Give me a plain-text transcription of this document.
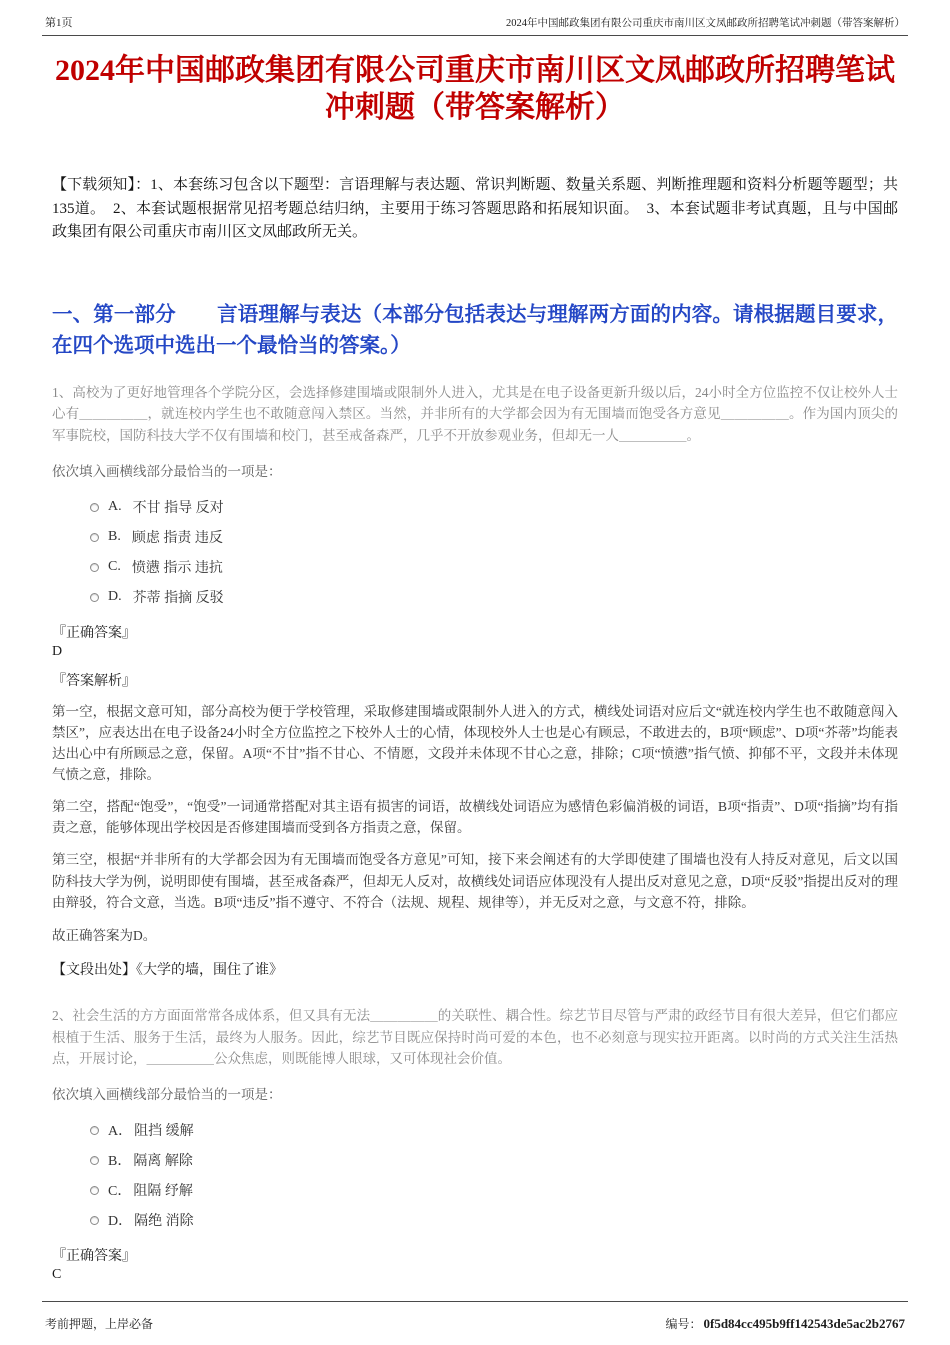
第1页	2024年中国邮政集团有限公司重庆市南川区文凤邮政所招聘笔试冲刺题（带答案解析）
2024年中国邮政集团有限公司重庆市南川区文凤邮政所招聘笔试冲刺题（带答案解析）

【下载须知】：1、本套练习包含以下题型：言语理解与表达题、常识判断题、数量关系题、判断推理题和资料分析题等题型；共135道。　2、本套试题根据常见招考题总结归纳，主要用于练习答题思路和拓展知识面。　3、本套试题非考试真题，且与中国邮政集团有限公司重庆市南川区文凤邮政所无关。

一、第一部分　　言语理解与表达（本部分包括表达与理解两方面的内容。请根据题目要求，在四个选项中选出一个最恰当的答案。）

1、高校为了更好地管理各个学院分区，会选择修建围墙或限制外人进入，尤其是在电子设备更新升级以后，24小时全方位监控不仅让校外人士心有＿＿＿＿＿，就连校内学生也不敢随意闯入禁区。当然，并非所有的大学都会因为有无围墙而饱受各方意见＿＿＿＿＿。作为国内顶尖的军事院校，国防科技大学不仅有围墙和校门，甚至戒备森严，几乎不开放参观业务，但却无一人＿＿＿＿＿。

依次填入画横线部分最恰当的一项是：

A. 不甘 指导 反对
B. 顾虑 指责 违反
C. 愤懑 指示 违抗
D. 芥蒂 指摘 反驳

『正确答案』

D

『答案解析』

第一空，根据文意可知，部分高校为便于学校管理，采取修建围墙或限制外人进入的方式，横线处词语对应后文“就连校内学生也不敢随意闯入禁区”，应表达出在电子设备24小时全方位监控之下校外人士的心情，体现校外人士也是心有顾忌，不敢进去的，B项“顾虑”、D项“芥蒂”均能表达出心中有所顾忌之意，保留。A项“不甘”指不甘心、不情愿，文段并未体现不甘心之意，排除；C项“愤懑”指气愤、抑郁不平，文段并未体现气愤之意，排除。

第二空，搭配“饱受”，“饱受”一词通常搭配对其主语有损害的词语，故横线处词语应为感情色彩偏消极的词语，B项“指责”、D项“指摘”均有指责之意，能够体现出学校因是否修建围墙而受到各方指责之意，保留。

第三空，根据“并非所有的大学都会因为有无围墙而饱受各方意见”可知，接下来会阐述有的大学即使建了围墙也没有人持反对意见，后文以国防科技大学为例，说明即使有围墙，甚至戒备森严，但却无人反对，故横线处词语应体现没有人提出反对意见之意，D项“反驳”指提出反对的理由辩驳，符合文意，当选。B项“违反”指不遵守、不符合（法规、规程、规律等），并无反对之意，与文意不符，排除。

故正确答案为D。

【文段出处】《大学的墙，围住了谁》

2、社会生活的方方面面常常各成体系，但又具有无法＿＿＿＿＿的关联性、耦合性。综艺节目尽管与严肃的政经节目有很大差异，但它们都应根植于生活、服务于生活，最终为人服务。因此，综艺节目既应保持时尚可爱的本色，也不必刻意与现实拉开距离。以时尚的方式关注生活热点，开展讨论，＿＿＿＿＿公众焦虑，则既能博人眼球，又可体现社会价值。

依次填入画横线部分最恰当的一项是：

A． 阻挡 缓解
B． 隔离 解除
C． 阻隔 纾解
D． 隔绝 消除

『正确答案』

C

考前押题，上岸必备	编号： 0f5d84cc495b9ff142543de5ac2b2767
